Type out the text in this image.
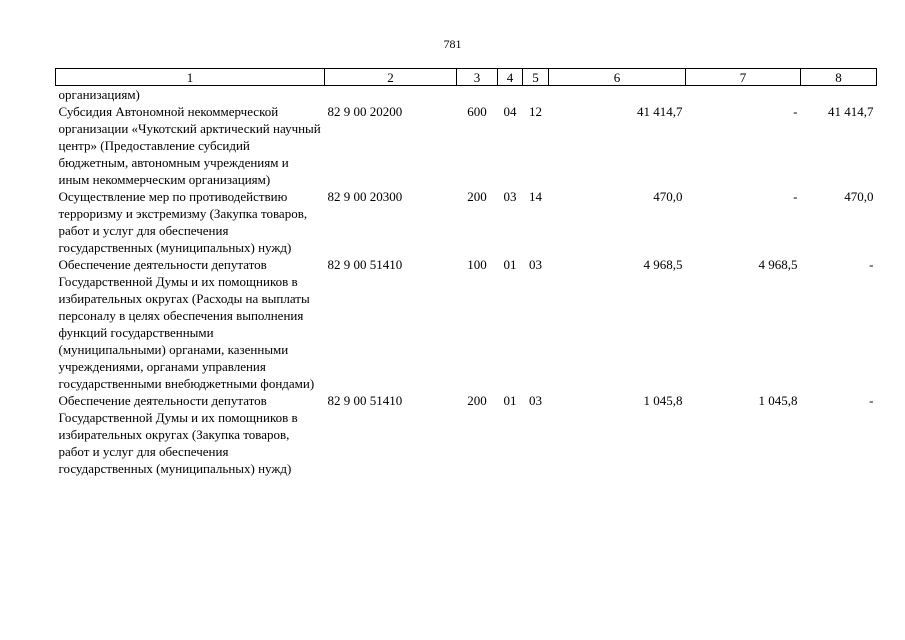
781
1	2	3	4	5	6	7	8
организациям)							
Субсидия Автономной некоммерческой организации «Чукотский арктический научный центр» (Предоставление субсидий бюджетным, автономным учреждениям и иным некоммерческим организациям)	82 9 00 20200	600	04	12	41 414,7	-	41 414,7
Осуществление мер по противодействию терроризму и экстремизму (Закупка товаров, работ и услуг для обеспечения государственных (муниципальных) нужд)	82 9 00 20300	200	03	14	470,0	-	470,0
Обеспечение деятельности депутатов Государственной Думы и их помощников в избирательных округах (Расходы на выплаты персоналу в целях обеспечения выполнения функций государственными (муниципальными) органами, казенными учреждениями, органами управления государственными внебюджетными фондами)	82 9 00 51410	100	01	03	4 968,5	4 968,5	-
Обеспечение деятельности депутатов Государственной Думы и их помощников в избирательных округах (Закупка товаров, работ и услуг для обеспечения государственных (муниципальных) нужд)	82 9 00 51410	200	01	03	1 045,8	1 045,8	-
